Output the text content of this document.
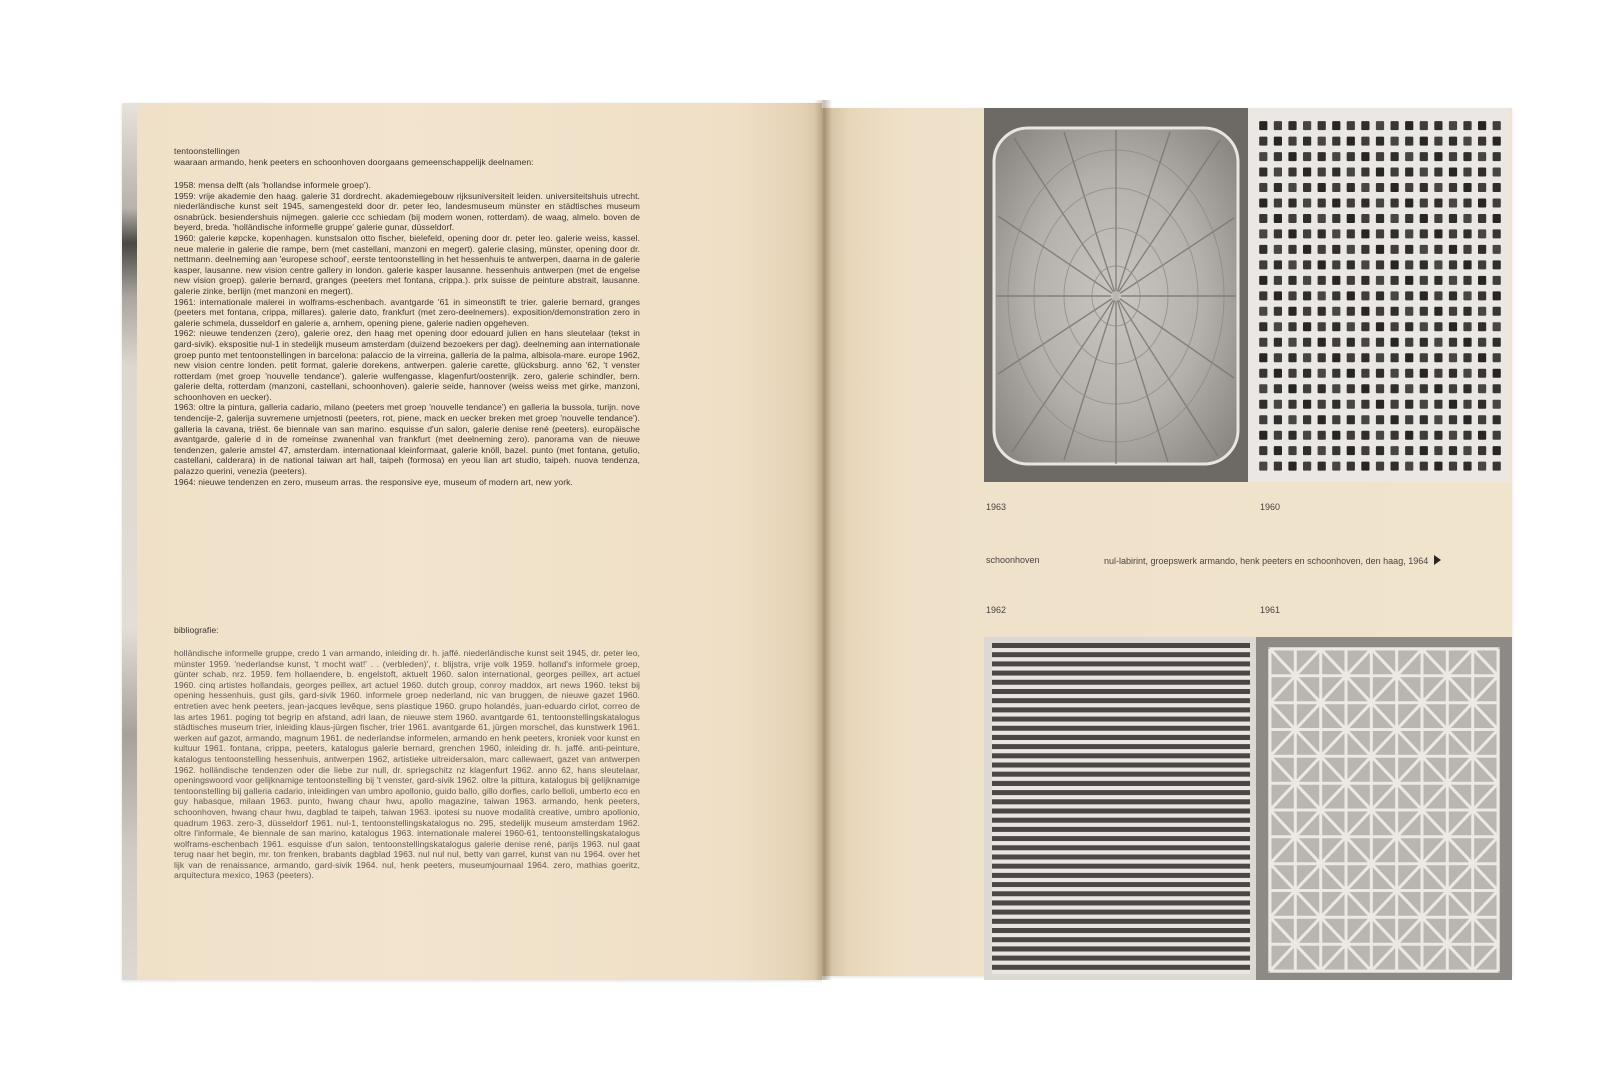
tentoonstellingen

waaraan armando, henk peeters en schoonhoven doorgaans gemeenschappelijk deelnamen:

1958: mensa delft (als 'hollandse informele groep').

1959: vrije akademie den haag. galerie 31 dordrecht. akademiegebouw rijksuniversiteit leiden. universiteitshuis utrecht. niederländische kunst seit 1945, samengesteld door dr. peter leo, landesmuseum münster en städtisches museum osnabrück. besiendershuis nijmegen. galerie ccc schiedam (bij modern wonen, rotterdam). de waag, almelo. boven de beyerd, breda. 'holländische informelle gruppe' galerie gunar, düsseldorf.

1960: galerie køpcke, kopenhagen. kunstsalon otto fischer, bielefeld, opening door dr. peter leo. galerie weiss, kassel. neue malerie in galerie die rampe, bern (met castellani, manzoni en megert). galerie clasing, münster, opening door dr. nettmann. deelneming aan 'europese school', eerste tentoonstelling in het hessenhuis te antwerpen, daarna in de galerie kasper, lausanne. new vision centre gallery in london. galerie kasper lausanne. hessenhuis antwerpen (met de engelse new vision groep). galerie bernard, granges (peeters met fontana, crippa.). prix suisse de peinture abstrait, lausanne. galerie zinke, berlijn (met manzoni en megert).

1961: internationale malerei in wolframs-eschenbach. avantgarde '61 in simeonstift te trier. galerie bernard, granges (peeters met fontana, crippa, millares). galerie dato, frankfurt (met zero-deelnemers). exposition/demonstration zero in galerie schmela, dusseldorf en galerie a, arnhem, opening piene, galerie nadien opgeheven.

1962: nieuwe tendenzen (zero), galerie orez, den haag met opening door edouard julien en hans sleutelaar (tekst in gard-sivik). ekspositie nul-1 in stedelijk museum amsterdam (duizend bezoekers per dag). deelneming aan internationale groep punto met tentoonstellingen in barcelona: palaccio de la virreina, galleria de la palma, albisola-mare. europe 1962, new vision centre londen. petit format, galerie dorekens, antwerpen. galerie carette, glücksburg. anno '62, 't venster rotterdam (met groep 'nouvelle tendance'). galerie wulfengasse, klagenfurt/oostenrijk. zero, galerie schindler, bern. galerie delta, rotterdam (manzoni, castellani, schoonhoven). galerie seide, hannover (weiss weiss met girke, manzoni, schoonhoven en uecker).

1963: oltre la pintura, galleria cadario, milano (peeters met groep 'nouvelle tendance') en galleria la bussola, turijn. nove tendencije-2, galerija suvremene umjetnosti (peeters, rot, piene, mack en uecker breken met groep 'nouvelle tendance'). galleria la cavana, triëst. 6e biennale van san marino. esquisse d'un salon, galerie denise rené (peeters). europäische avantgarde, galerie d in de romeinse zwanenhal van frankfurt (met deelneming zero). panorama van de nieuwe tendenzen, galerie amstel 47, amsterdam. internationaal kleinformaat, galerie knöll, bazel. punto (met fontana, getulio, castellani, calderara) in de national taiwan art hall, taipeh (formosa) en yeou lian art studio, taipeh. nuova tendenza, palazzo querini, venezia (peeters).

1964: nieuwe tendenzen en zero, museum arras. the responsive eye, museum of modern art, new york.

bibliografie:
holländische informelle gruppe, credo 1 van armando, inleiding dr. h. jaffé. niederländische kunst seit 1945, dr. peter leo, münster 1959. 'nederlandse kunst, 't mocht wat!' . . (verbleden)', r. blijstra, vrije volk 1959. holland's informele groep, günter schab, nrz. 1959. fem hollaendere, b. engelstoft, aktuelt 1960. salon international, georges peillex, art actuel 1960. cinq artistes hollandais, georges peillex, art actuel 1960. dutch group, conroy maddox, art news 1960. tekst bij opening hessenhuis, gust gils, gard-sivik 1960. informele groep nederland, nic van bruggen, de nieuwe gazet 1960. entretien avec henk peeters, jean-jacques levêque, sens plastique 1960. grupo holandés, juan-eduardo cirlot, correo de las artes 1961. poging tot begrip en afstand, adri laan, de nieuwe stem 1960. avantgarde 61, tentoonstellingskatalogus städtisches museum trier, inleiding klaus-jürgen fischer, trier 1961. avantgarde 61, jürgen morschel, das kunstwerk 1961. werken auf gazot, armando, magnum 1961. de nederlandse informelen, armando en henk peeters, kroniek voor kunst en kultuur 1961. fontana, crippa, peeters, katalogus galerie bernard, grenchen 1960, inleiding dr. h. jaffé. anti-peinture, katalogus tentoonstelling hessenhuis, antwerpen 1962, artistieke uitreidersalon, marc callewaert, gazet van antwerpen 1962. holländische tendenzen oder die liebe zur null, dr. spriegschitz nz klagenfurt 1962. anno 62, hans sleutelaar, openingswoord voor gelijknamige tentoonstelling bij 't venster, gard-sivik 1962. oltre la pittura, katalogus bij gelijknamige tentoonstelling bij galleria cadario, inleidingen van umbro apollonio, guido ballo, gillo dorfles, carlo belloli, umberto eco en guy habasque, milaan 1963. punto, hwang chaur hwu, apollo magazine, taiwan 1963. armando, henk peeters, schoonhoven, hwang chaur hwu, dagblad te taipeh, taiwan 1963. ipotesi su nuove modalità creative, umbro apollonio, quadrum 1963. zero-3, düsseldorf 1961. nul-1, tentoonstellingskatalogus no. 295, stedelijk museum amsterdam 1962. oltre l'informale, 4e biennale de san marino, katalogus 1963. internationale malerei 1960-61, tentoonstellingskatalogus wolframs-eschenbach 1961. esquisse d'un salon, tentoonstellingskatalogus galerie denise rené, parijs 1963. nul gaat terug naar het begin, mr. ton frenken, brabants dagblad 1963. nul nul nul, betty van garrel, kunst van nu 1964. over het lijk van de renaissance, armando, gard-sivik 1964. nul, henk peeters, museumjournaal 1964. zero, mathias goeritz, arquitectura mexico, 1963 (peeters).
1963	1960
schoonhoven	nul-labirint, groepswerk armando, henk peeters en schoonhoven, den haag, 1964
1962	1961
